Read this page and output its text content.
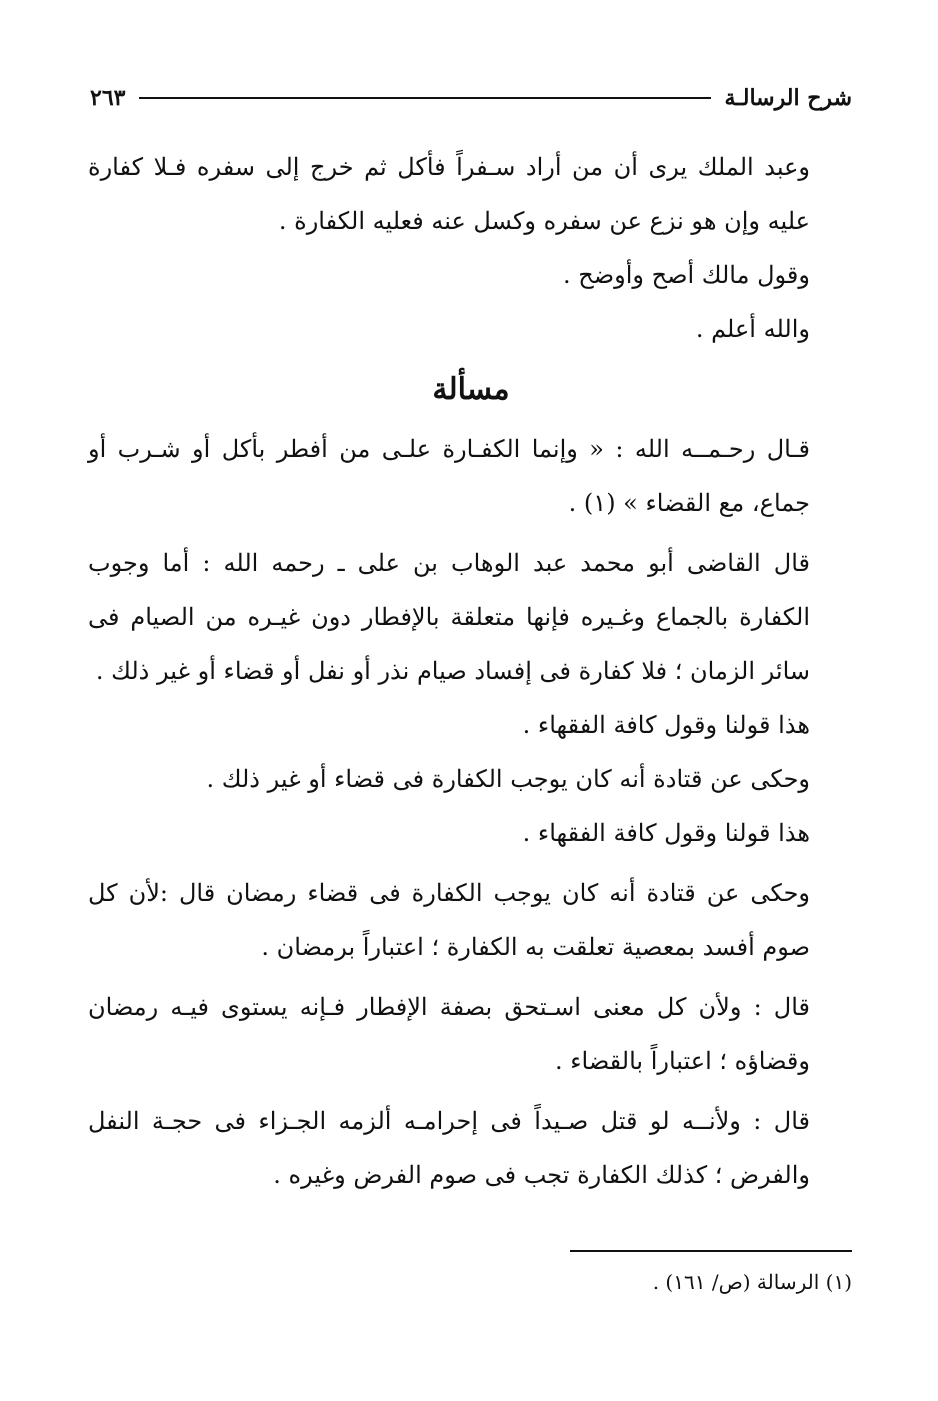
شرح الرسالـة
٢٦٣

وعبد الملك يرى أن من أراد سـفراً فأكل ثم خرج إلى سفره فـلا كفارة عليه وإن هو نزع عن سفره وكسل عنه فعليه الكفارة .

وقول مالك أصح وأوضح .

والله أعلم .

مسألة

قـال رحـمــه الله : « وإنما الكفـارة علـى من أفطر بأكل أو شـرب أو جماع، مع القضاء » (١) .

قال القاضى أبو محمد عبد الوهاب بن على ـ رحمه الله : أما وجوب الكفارة بالجماع وغـيره فإنها متعلقة بالإفطار دون غيـره من الصيام فى سائر الزمان ؛ فلا كفارة فى إفساد صيام نذر أو نفل أو قضاء أو غير ذلك .

هذا قولنا وقول كافة الفقهاء .

وحكى عن قتادة أنه كان يوجب الكفارة فى قضاء أو غير ذلك .

هذا قولنا وقول كافة الفقهاء .

وحكى عن قتادة أنه كان يوجب الكفارة فى قضاء رمضان قال :لأن كل صوم أفسد بمعصية تعلقت به الكفارة ؛ اعتباراً برمضان .

قال : ولأن كل معنى اسـتحق بصفة الإفطار فـإنه يستوى فيـه رمضان وقضاؤه ؛ اعتباراً بالقضاء .

قال : ولأنــه لو قتل صـيداً فى إحرامـه ألزمه الجـزاء فى حجـة النفل والفرض ؛ كذلك الكفارة تجب فى صوم الفرض وغيره .

(١) الرسالة (ص/ ١٦١) .
